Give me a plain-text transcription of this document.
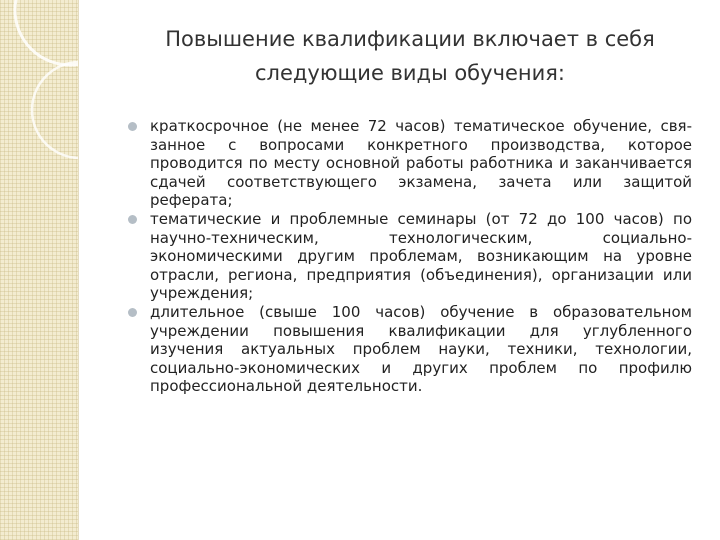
Повышение квалификации включает в себя
следующие виды обучения:
краткосрочное (не менее 72 часов) тематическое обучение, свя-занное с вопросами конкретного производства, которое проводится по месту основной работы работника и заканчивается сдачей соответствующего экзамена, зачета или защитой реферата;
тематические и проблемные семинары (от 72 до 100 часов) по научно-техническим, технологическим, социально-экономическими другим проблемам, возникающим на уровне отрасли, региона, предприятия (объединения), организации или учреждения;
длительное (свыше 100 часов) обучение в образовательном учреждении повышения квалификации для углубленного изучения актуальных проблем науки, техники, технологии, социально-экономических и других проблем по профилю профессиональной деятельности.
